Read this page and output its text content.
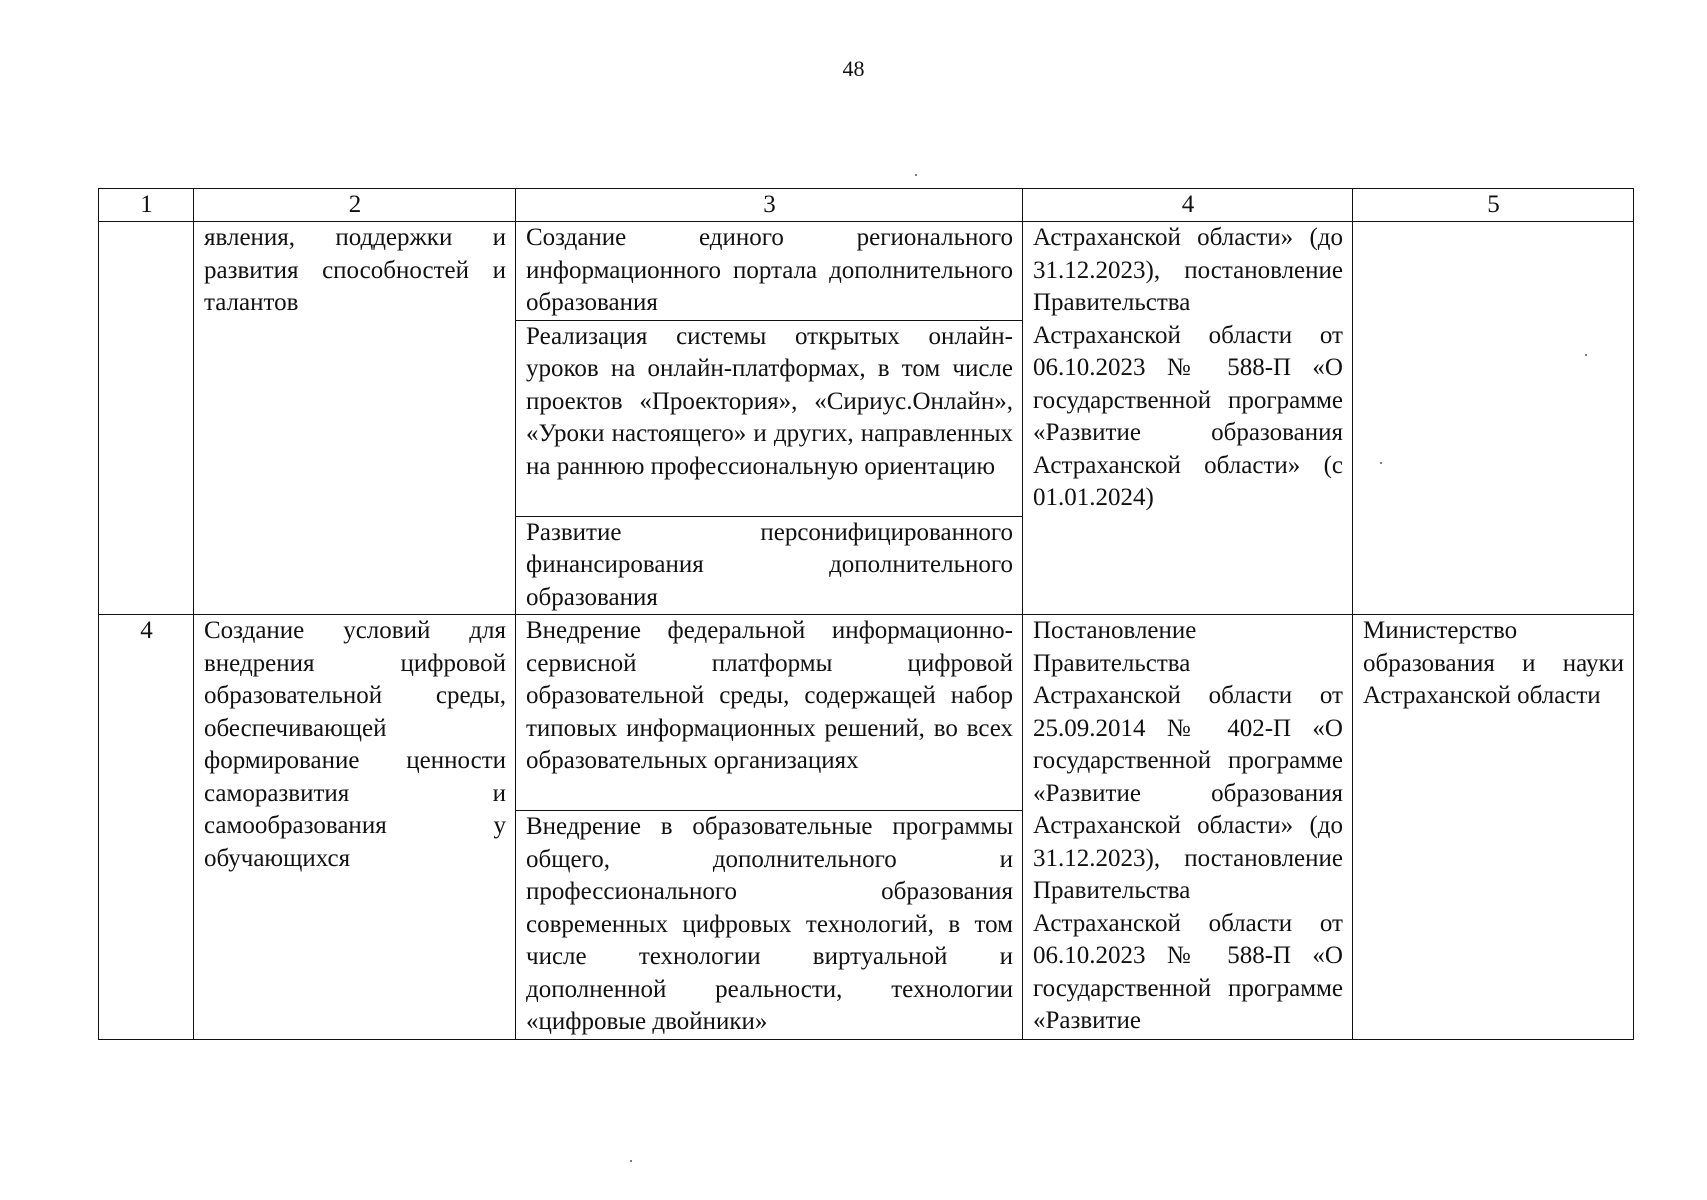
48
1	2	3	4	5
	явления, поддержки и развития способностей и талантов	Создание единого регионального информационного портала дополнительного образования	Астраханской области» (до 31.12.2023), постановление Правительства Астраханской области от 06.10.2023 № 588-П «О государственной программе «Развитие образования Астраханской области» (с 01.01.2024)	
		Реализация системы открытых онлайн-уроков на онлайн-платформах, в том числе проектов «Проектория», «Сириус.Онлайн», «Уроки настоящего» и других, направленных на раннюю профессиональную ориентацию		
		Развитие персонифицированного финансирования дополнительного образования		
4	Создание условий для внедрения цифровой образовательной среды, обеспечивающей формирование ценности саморазвития и самообразования у обучающихся	Внедрение федеральной информационно-сервисной платформы цифровой образовательной среды, содержащей набор типовых информационных решений, во всех образовательных организациях	Постановление Правительства Астраханской области от 25.09.2014 № 402-П «О государственной программе «Развитие образования Астраханской области» (до 31.12.2023), постановление Правительства Астраханской области от 06.10.2023 № 588-П «О государственной программе «Развитие	Министерство образования и науки Астраханской области
		Внедрение в образовательные программы общего, дополнительного и профессионального образования современных цифровых технологий, в том числе технологии виртуальной и дополненной реальности, технологии «цифровые двойники»		
